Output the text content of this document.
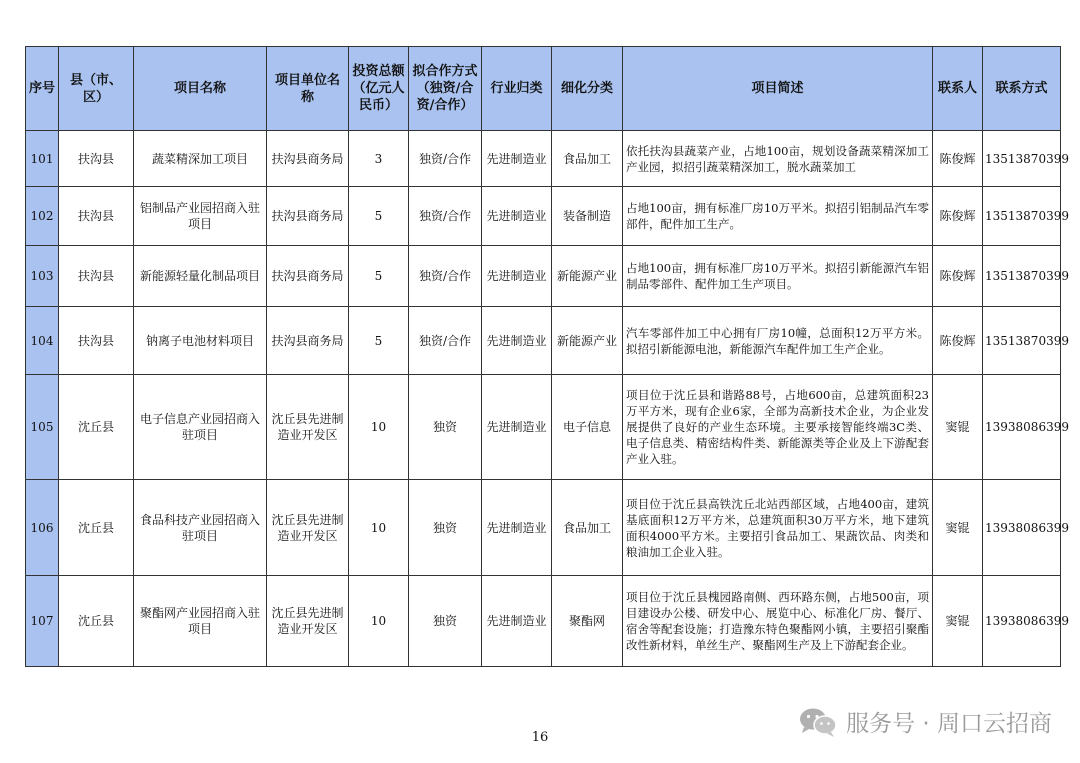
序号	县（市、区）	项目名称	项目单位名称	投资总额（亿元人民币）	拟合作方式（独资/合资/合作）	行业归类	细化分类	项目简述	联系人	联系方式
101	扶沟县	蔬菜精深加工项目	扶沟县商务局	3	独资/合作	先进制造业	食品加工	依托扶沟县蔬菜产业，占地100亩，规划设备蔬菜精深加工产业园，拟招引蔬菜精深加工，脱水蔬菜加工	陈俊辉	13513870399
102	扶沟县	铝制品产业园招商入驻项目	扶沟县商务局	5	独资/合作	先进制造业	装备制造	占地100亩，拥有标准厂房10万平米。拟招引铝制品汽车零部件，配件加工生产。	陈俊辉	13513870399
103	扶沟县	新能源轻量化制品项目	扶沟县商务局	5	独资/合作	先进制造业	新能源产业	占地100亩，拥有标准厂房10万平米。拟招引新能源汽车铝制品零部件、配件加工生产项目。	陈俊辉	13513870399
104	扶沟县	钠离子电池材料项目	扶沟县商务局	5	独资/合作	先进制造业	新能源产业	汽车零部件加工中心拥有厂房10幢，总面积12万平方米。拟招引新能源电池，新能源汽车配件加工生产企业。	陈俊辉	13513870399
105	沈丘县	电子信息产业园招商入驻项目	沈丘县先进制造业开发区	10	独资	先进制造业	电子信息	项目位于沈丘县和谐路88号，占地600亩，总建筑面积23万平方米，现有企业6家，全部为高新技术企业，为企业发展提供了良好的产业生态环境。主要承接智能终端3C类、电子信息类、精密结构件类、新能源类等企业及上下游配套产业入驻。	窦锟	13938086399
106	沈丘县	食品科技产业园招商入驻项目	沈丘县先进制造业开发区	10	独资	先进制造业	食品加工	项目位于沈丘县高铁沈丘北站西部区域，占地400亩，建筑基底面积12万平方米，总建筑面积30万平方米，地下建筑面积4000平方米。主要招引食品加工、果蔬饮品、肉类和粮油加工企业入驻。	窦锟	13938086399
107	沈丘县	聚酯网产业园招商入驻项目	沈丘县先进制造业开发区	10	独资	先进制造业	聚酯网	项目位于沈丘县槐园路南侧、西环路东侧，占地500亩，项目建设办公楼、研发中心、展览中心、标准化厂房、餐厅、宿舍等配套设施；打造豫东特色聚酯网小镇，主要招引聚酯改性新材料，单丝生产、聚酯网生产及上下游配套企业。	窦锟	13938086399
服务号 · 周口云招商
16
